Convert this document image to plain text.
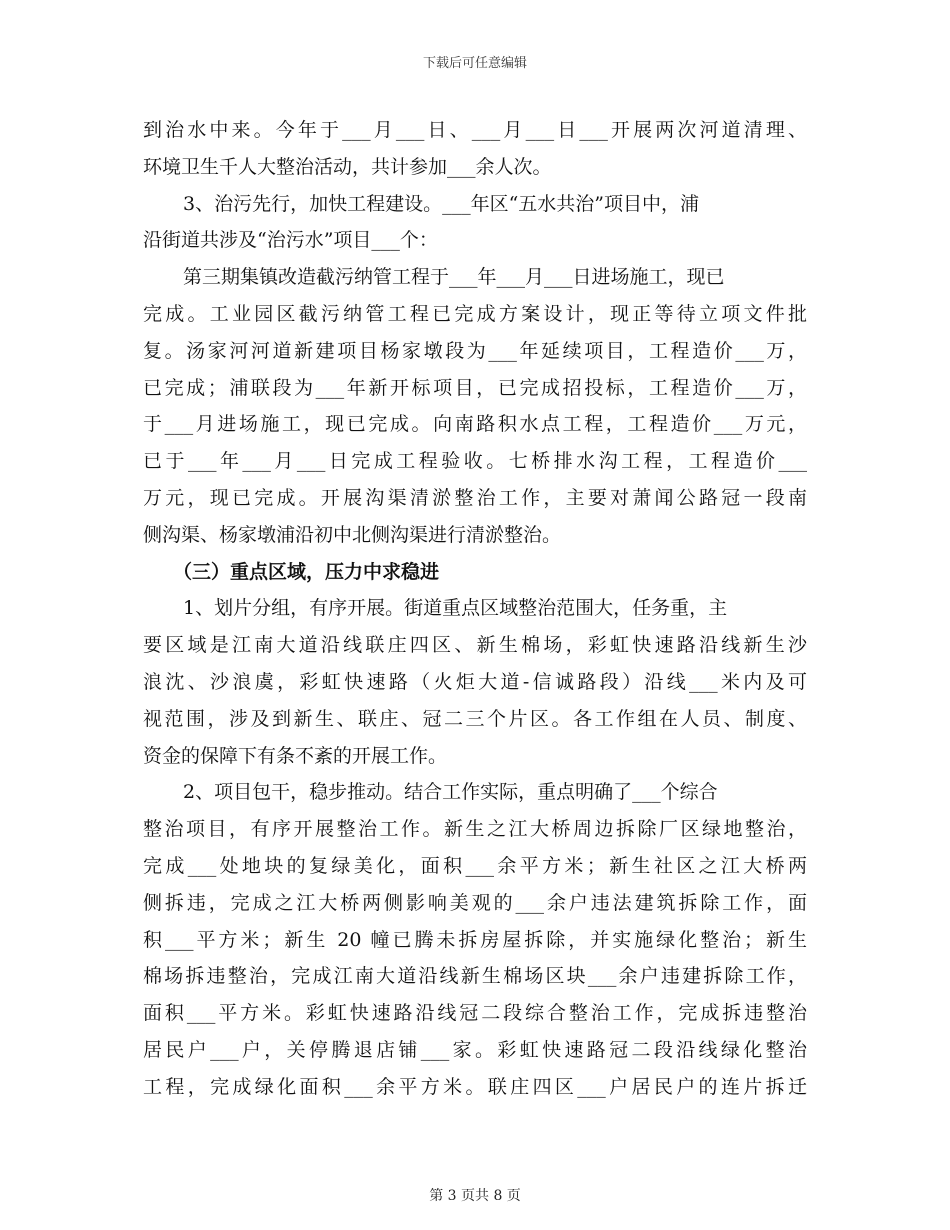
下载后可任意编辑
到治水中来。今年于___月___日、___月___日___开展两次河道清理、
环境卫生千人大整治活动，共计参加___余人次。
3、治污先行，加快工程建设。___年区“五水共治”项目中，浦
沿街道共涉及“治污水”项目___个：
第三期集镇改造截污纳管工程于___年___月___日进场施工，现已
完成。工业园区截污纳管工程已完成方案设计，现正等待立项文件批
复。汤家河河道新建项目杨家墩段为___年延续项目，工程造价___万，
已完成；浦联段为___年新开标项目，已完成招投标，工程造价___万，
于___月进场施工，现已完成。向南路积水点工程，工程造价___万元，
已于___年___月___日完成工程验收。七桥排水沟工程，工程造价___
万元，现已完成。开展沟渠清淤整治工作，主要对萧闻公路冠一段南
侧沟渠、杨家墩浦沿初中北侧沟渠进行清淤整治。
（三）重点区域，压力中求稳进
1、划片分组，有序开展。街道重点区域整治范围大，任务重，主
要区域是江南大道沿线联庄四区、新生棉场，彩虹快速路沿线新生沙
浪沈、沙浪虞，彩虹快速路（火炬大道-信诚路段）沿线___米内及可
视范围，涉及到新生、联庄、冠二三个片区。各工作组在人员、制度、
资金的保障下有条不紊的开展工作。
2、项目包干，稳步推动。结合工作实际，重点明确了___个综合
整治项目，有序开展整治工作。新生之江大桥周边拆除厂区绿地整治，
完成___处地块的复绿美化，面积___余平方米；新生社区之江大桥两
侧拆违，完成之江大桥两侧影响美观的___余户违法建筑拆除工作，面
积___平方米；新生 20 幢已腾未拆房屋拆除，并实施绿化整治；新生
棉场拆违整治，完成江南大道沿线新生棉场区块___余户违建拆除工作，
面积___平方米。彩虹快速路沿线冠二段综合整治工作，完成拆违整治
居民户___户，关停腾退店铺___家。彩虹快速路冠二段沿线绿化整治
工程，完成绿化面积___余平方米。联庄四区___户居民户的连片拆迁
第 3 页共 8 页
